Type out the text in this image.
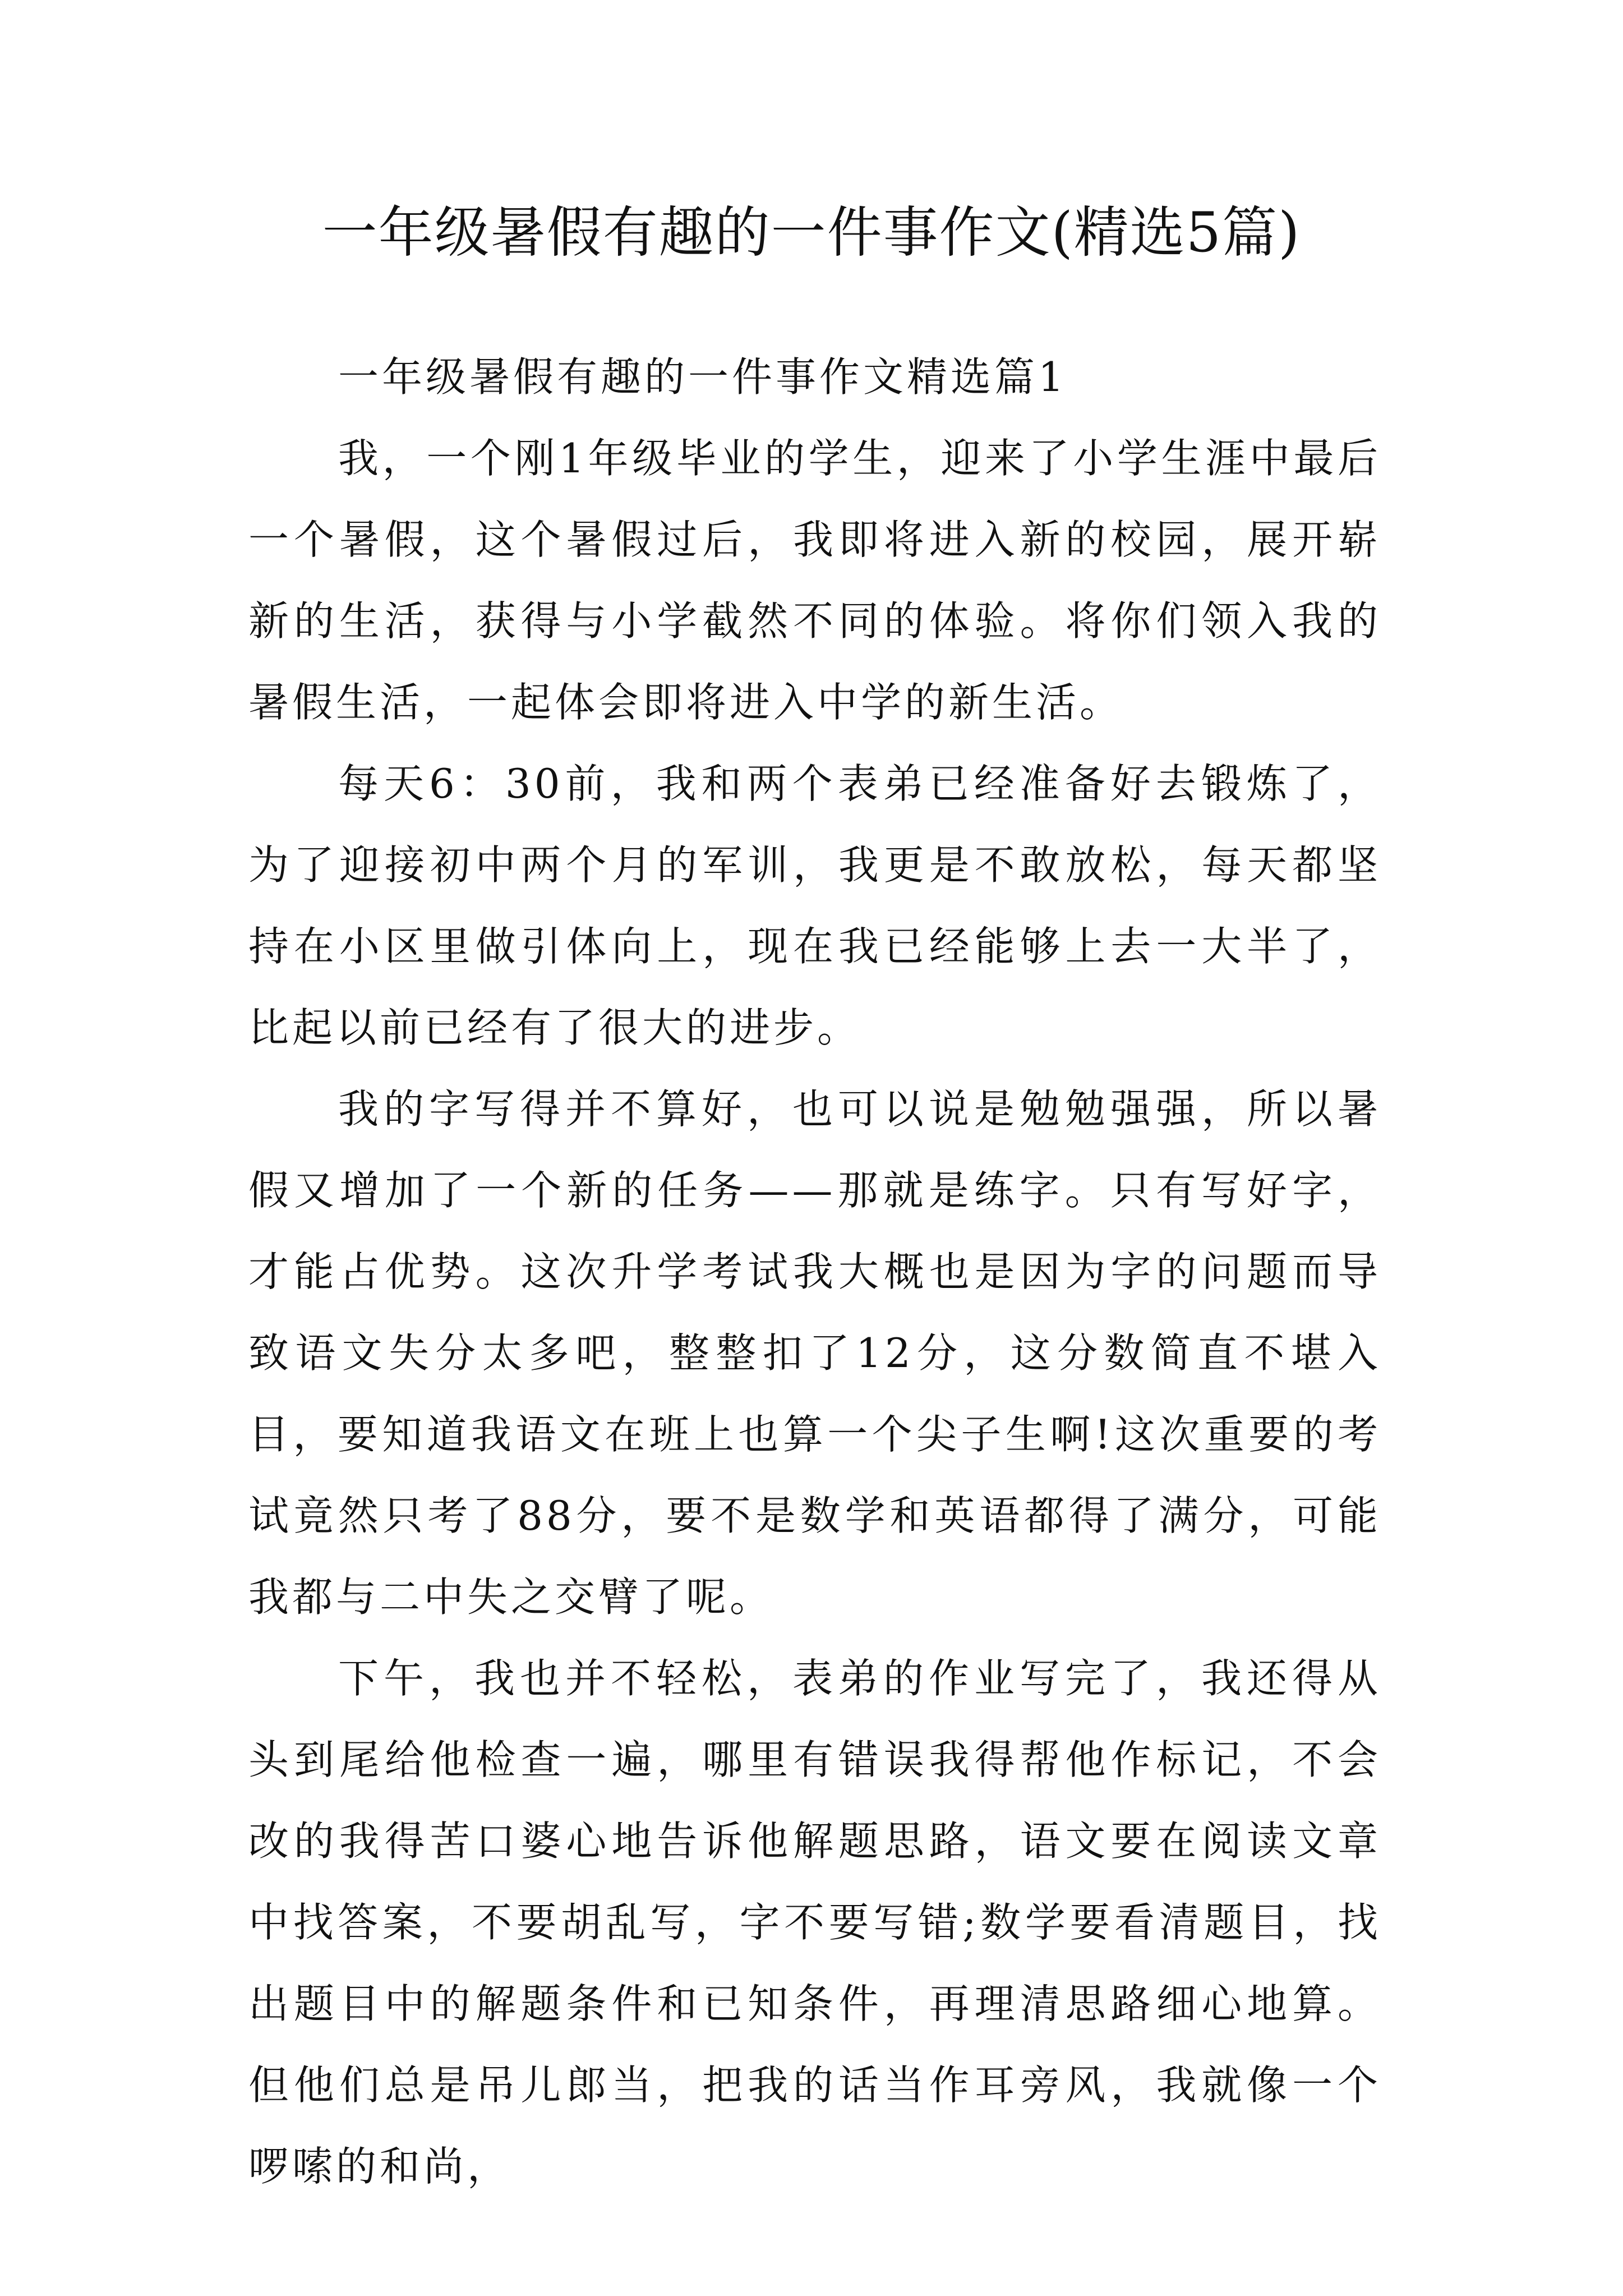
一年级暑假有趣的一件事作文(精选5篇)

一年级暑假有趣的一件事作文精选篇1

我，一个刚1年级毕业的学生，迎来了小学生涯中最后一个暑假，这个暑假过后，我即将进入新的校园，展开崭新的生活，获得与小学截然不同的体验。将你们领入我的暑假生活，一起体会即将进入中学的新生活。

每天6：30前，我和两个表弟已经准备好去锻炼了，为了迎接初中两个月的军训，我更是不敢放松，每天都坚持在小区里做引体向上，现在我已经能够上去一大半了，比起以前已经有了很大的进步。

我的字写得并不算好，也可以说是勉勉强强，所以暑假又增加了一个新的任务——那就是练字。只有写好字，才能占优势。这次升学考试我大概也是因为字的问题而导致语文失分太多吧，整整扣了12分，这分数简直不堪入目，要知道我语文在班上也算一个尖子生啊!这次重要的考试竟然只考了88分，要不是数学和英语都得了满分，可能我都与二中失之交臂了呢。

下午，我也并不轻松，表弟的作业写完了，我还得从头到尾给他检查一遍，哪里有错误我得帮他作标记，不会改的我得苦口婆心地告诉他解题思路，语文要在阅读文章中找答案，不要胡乱写，字不要写错;数学要看清题目，找出题目中的解题条件和已知条件，再理清思路细心地算。但他们总是吊儿郎当，把我的话当作耳旁风，我就像一个啰嗦的和尚，
